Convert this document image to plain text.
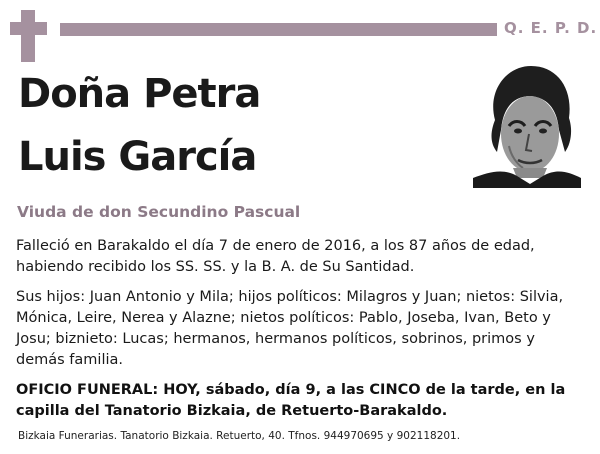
Q. E. P. D.
Doña Petra
Luis García
Viuda de don Secundino Pascual
Falleció en Barakaldo el día 7 de enero de 2016, a los 87 años de edad, habiendo recibido los SS. SS. y la B. A. de Su Santidad.
Sus hijos: Juan Antonio y Mila; hijos políticos: Milagros y Juan; nietos: Silvia, Mónica, Leire, Nerea y Alazne; nietos políticos: Pablo, Joseba, Ivan, Beto y Josu; biznieto: Lucas; hermanos, hermanos políticos, sobrinos, primos y demás familia.
OFICIO FUNERAL: HOY, sábado, día 9, a las CINCO de la tarde, en la capilla del Tanatorio Bizkaia, de Retuerto-Barakaldo.
Bizkaia Funerarias. Tanatorio Bizkaia. Retuerto, 40. Tfnos. 944970695 y 902118201.
